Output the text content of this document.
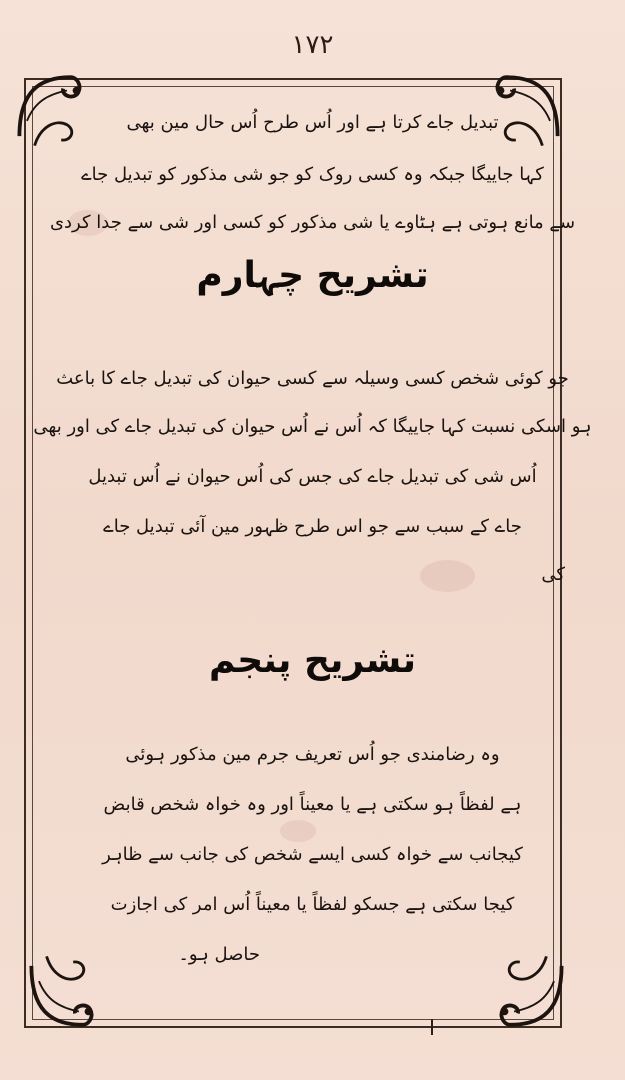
۱۷۲
تبدیل جاے کرتا ہے اور اُس طرح اُس حال مین بھی
کہا جاییگا جبکہ وہ کسی روک کو جو شی مذکور کو تبدیل جاے
سے مانع ہوتی ہے ہٹاوے یا شی مذکور کو کسی اور شی سے جدا کردی
تشریح چہارم
جو کوئی شخص کسی وسیلہ سے کسی حیوان کی تبدیل جاے کا باعث
ہو اسکی نسبت کہا جاییگا کہ اُس نے اُس حیوان کی تبدیل جاے کی اور بھی
اُس شی کی تبدیل جاے کی جس کی اُس حیوان نے اُس تبدیل
جاے کے سبب سے جو اس طرح ظہور مین آئی تبدیل جاے
کی
تشریح پنجم
وہ رضامندی جو اُس تعریف جرم مین مذکور ہوئی
ہے لفظاً ہو سکتی ہے یا معیناً اور وہ خواہ شخص قابض
کیجانب سے خواہ کسی ایسے شخص کی جانب سے ظاہر
کیجا سکتی ہے جسکو لفظاً یا معیناً اُس امر کی اجازت
حاصل ہو۔
